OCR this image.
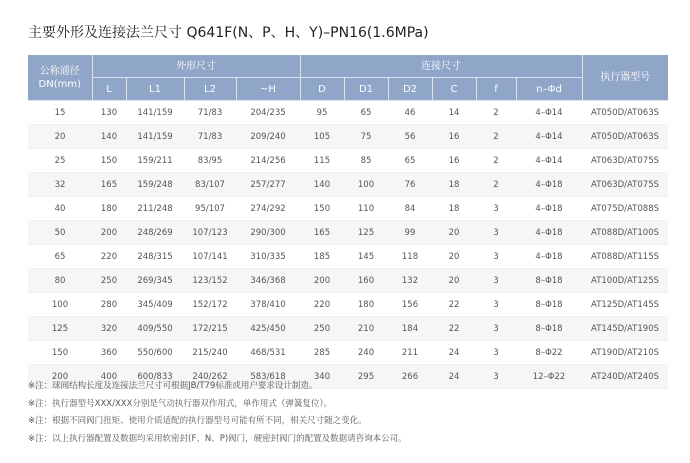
主要外形及连接法兰尺寸 Q641F(N、P、H、Y)–PN16(1.6MPa)
公称通径
DN(mm)	外形尺寸				连接尺寸						执行器型号
	L	L1	L2	~H	D	D1	D2	C	f	n–Φd	
15	130	141/159	71/83	204/235	95	65	46	14	2	4–Φ14	AT050D/AT063S
20	140	141/159	71/83	209/240	105	75	56	16	2	4–Φ14	AT050D/AT063S
25	150	159/211	83/95	214/256	115	85	65	16	2	4–Φ14	AT063D/AT075S
32	165	159/248	83/107	257/277	140	100	76	18	2	4–Φ18	AT063D/AT075S
40	180	211/248	95/107	274/292	150	110	84	18	3	4–Φ18	AT075D/AT088S
50	200	248/269	107/123	290/300	165	125	99	20	3	4–Φ18	AT088D/AT100S
65	220	248/315	107/141	310/335	185	145	118	20	3	4–Φ18	AT088D/AT115S
80	250	269/345	123/152	346/368	200	160	132	20	3	8–Φ18	AT100D/AT125S
100	280	345/409	152/172	378/410	220	180	156	22	3	8–Φ18	AT125D/AT145S
125	320	409/550	172/215	425/450	250	210	184	22	3	8–Φ18	AT145D/AT190S
150	360	550/600	215/240	468/531	285	240	211	24	3	8–Φ22	AT190D/AT210S
200	400	600/833	240/262	583/618	340	295	266	24	3	12–Φ22	AT240D/AT240S
※注：球阀结构长度及连接法兰尺寸可根据JB/T79标准或用户要求设计制造。
※注：执行器型号XXX/XXX分别是气动执行器双作用式，单作用式（弹簧复位）。
※注：根据不同阀门扭矩、使用介质适配的执行器型号可能有所不同，相关尺寸随之变化。
※注：以上执行器配置及数据均采用软密封(F、N、P)阀门，硬密封阀门的配置及数据请咨询本公司。
